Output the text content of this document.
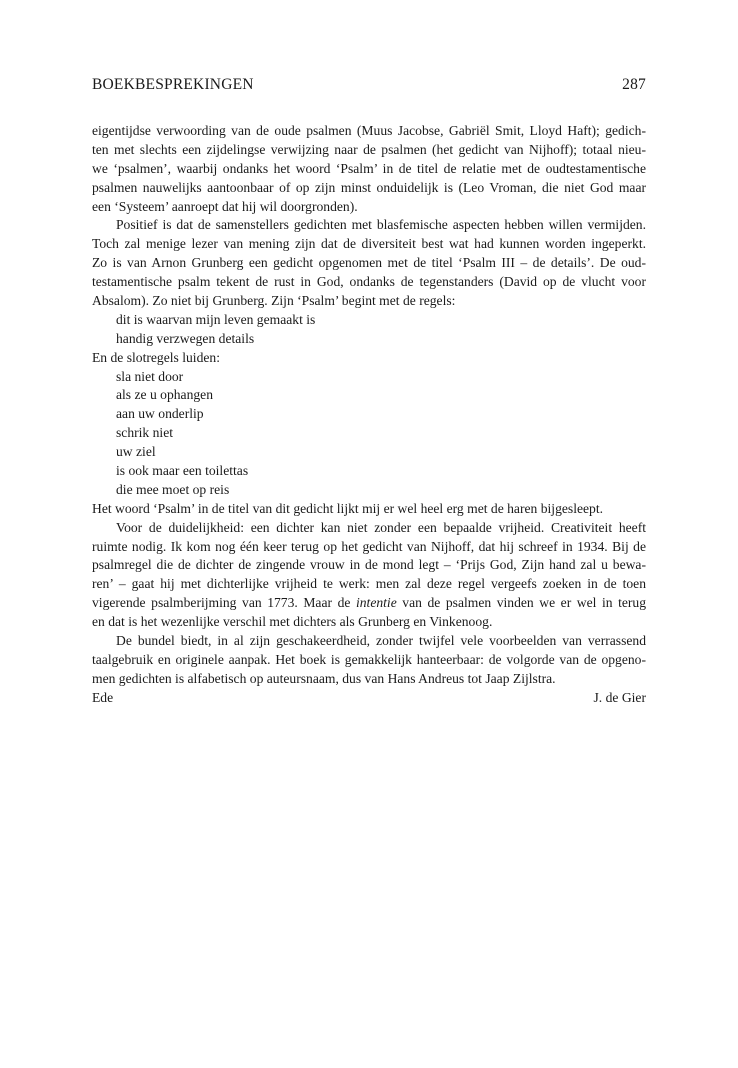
BOEKBESPREKINGEN	287
eigentijdse verwoording van de oude psalmen (Muus Jacobse, Gabriël Smit, Lloyd Haft); gedich-
ten met slechts een zijdelingse verwijzing naar de psalmen (het gedicht van Nijhoff); totaal nieu-
we ‘psalmen’, waarbij ondanks het woord ‘Psalm’ in de titel de relatie met de oudtestamentische
psalmen nauwelijks aantoonbaar of op zijn minst onduidelijk is (Leo Vroman, die niet God maar
een ‘Systeem’ aanroept dat hij wil doorgronden).
Positief is dat de samenstellers gedichten met blasfemische aspecten hebben willen vermijden.
Toch zal menige lezer van mening zijn dat de diversiteit best wat had kunnen worden ingeperkt.
Zo is van Arnon Grunberg een gedicht opgenomen met de titel ‘Psalm III – de details’. De oud-
testamentische psalm tekent de rust in God, ondanks de tegenstanders (David op de vlucht voor
Absalom). Zo niet bij Grunberg. Zijn ‘Psalm’ begint met de regels:
dit is waarvan mijn leven gemaakt is
handig verzwegen details
En de slotregels luiden:
sla niet door
als ze u ophangen
aan uw onderlip
schrik niet
uw ziel
is ook maar een toilettas
die mee moet op reis
Het woord ‘Psalm’ in de titel van dit gedicht lijkt mij er wel heel erg met de haren bijgesleept.
Voor de duidelijkheid: een dichter kan niet zonder een bepaalde vrijheid. Creativiteit heeft
ruimte nodig. Ik kom nog één keer terug op het gedicht van Nijhoff, dat hij schreef in 1934. Bij de
psalmregel die de dichter de zingende vrouw in de mond legt – ‘Prijs God, Zijn hand zal u bewa-
ren’ – gaat hij met dichterlijke vrijheid te werk: men zal deze regel vergeefs zoeken in de toen
vigerende psalmberijming van 1773. Maar de intentie van de psalmen vinden we er wel in terug
en dat is het wezenlijke verschil met dichters als Grunberg en Vinkenoog.
De bundel biedt, in al zijn geschakeerdheid, zonder twijfel vele voorbeelden van verrassend
taalgebruik en originele aanpak. Het boek is gemakkelijk hanteerbaar: de volgorde van de opgeno-
men gedichten is alfabetisch op auteursnaam, dus van Hans Andreus tot Jaap Zijlstra.
Ede	J. de Gier
